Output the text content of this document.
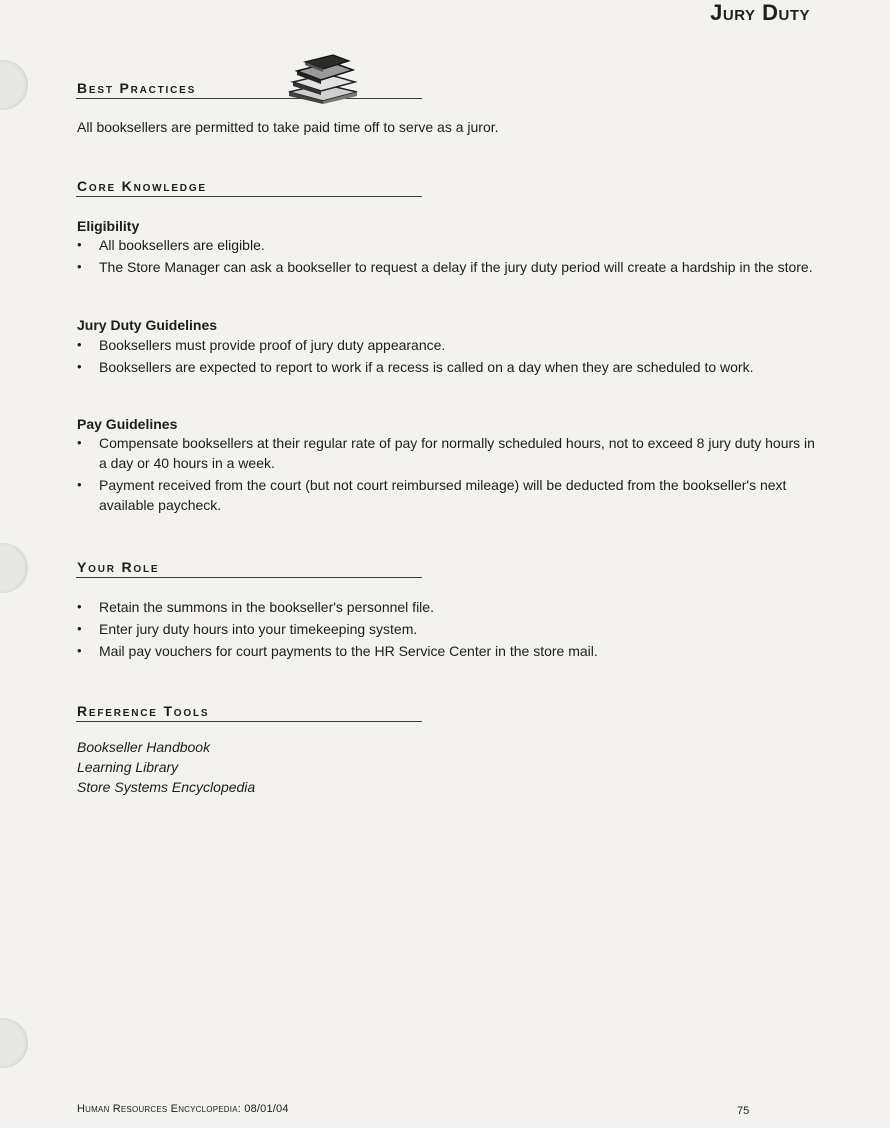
Jury Duty
Best Practices
All booksellers are permitted to take paid time off to serve as a juror.
Core Knowledge
Eligibility
• All booksellers are eligible.
• The Store Manager can ask a bookseller to request a delay if the jury duty period will create a hardship in the store.
Jury Duty Guidelines
• Booksellers must provide proof of jury duty appearance.
• Booksellers are expected to report to work if a recess is called on a day when they are scheduled to work.
Pay Guidelines
• Compensate booksellers at their regular rate of pay for normally scheduled hours, not to exceed 8 jury duty hours in a day or 40 hours in a week.
• Payment received from the court (but not court reimbursed mileage) will be deducted from the bookseller's next available paycheck.
Your Role
• Retain the summons in the bookseller's personnel file.
• Enter jury duty hours into your timekeeping system.
• Mail pay vouchers for court payments to the HR Service Center in the store mail.
Reference Tools
Bookseller Handbook
Learning Library
Store Systems Encyclopedia
Human Resources Encyclopedia: 08/01/04	75
